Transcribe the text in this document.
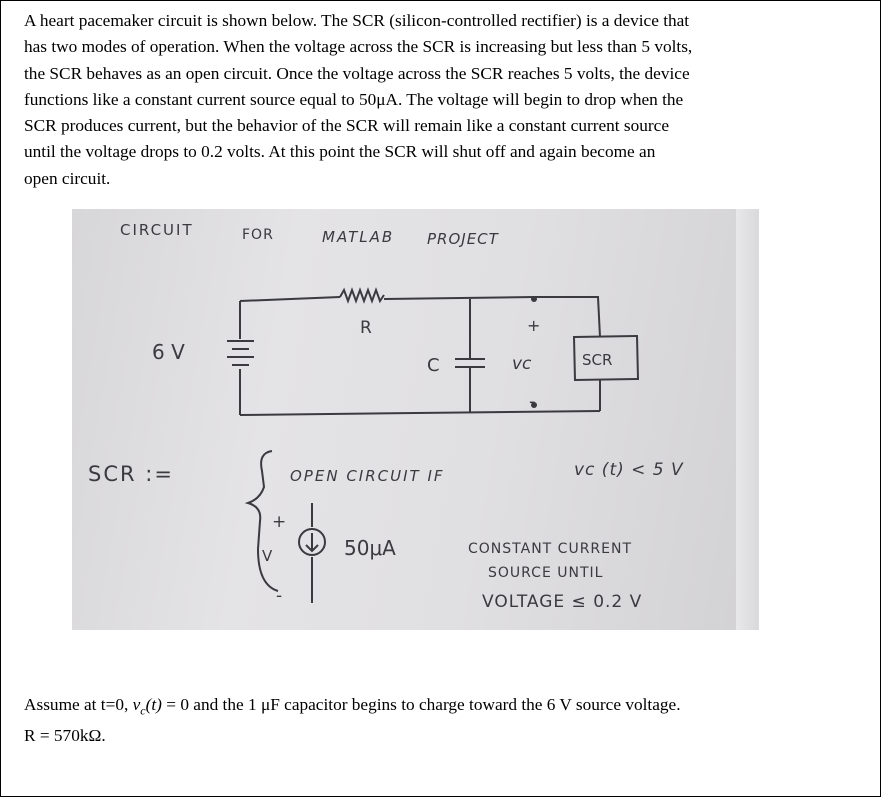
A heart pacemaker circuit is shown below. The SCR (silicon-controlled rectifier) is a device that
has two modes of operation. When the voltage across the SCR is increasing but less than 5 volts,
the SCR behaves as an open circuit. Once the voltage across the SCR reaches 5 volts, the device
functions like a constant current source equal to 50μA. The voltage will begin to drop when the
SCR produces current, but the behavior of the SCR will remain like a constant current source
until the voltage drops to 0.2 volts. At this point the SCR will shut off and again become an
open circuit.
CIRCUIT	FOR	MATLAB PROJECT
6 V
R
C	vᴄ
+
-
SCR
SCR :=	OPEN CIRCUIT IF	vᴄ (t) < 5 V
+
V
-
50μA	CONSTANT CURRENT
SOURCE UNTIL
VOLTAGE ≤ 0.2 V
Assume at t=0, $v_c(t) = 0$ and the 1 μF capacitor begins to charge toward the 6 V source voltage.
R = 570kΩ.
